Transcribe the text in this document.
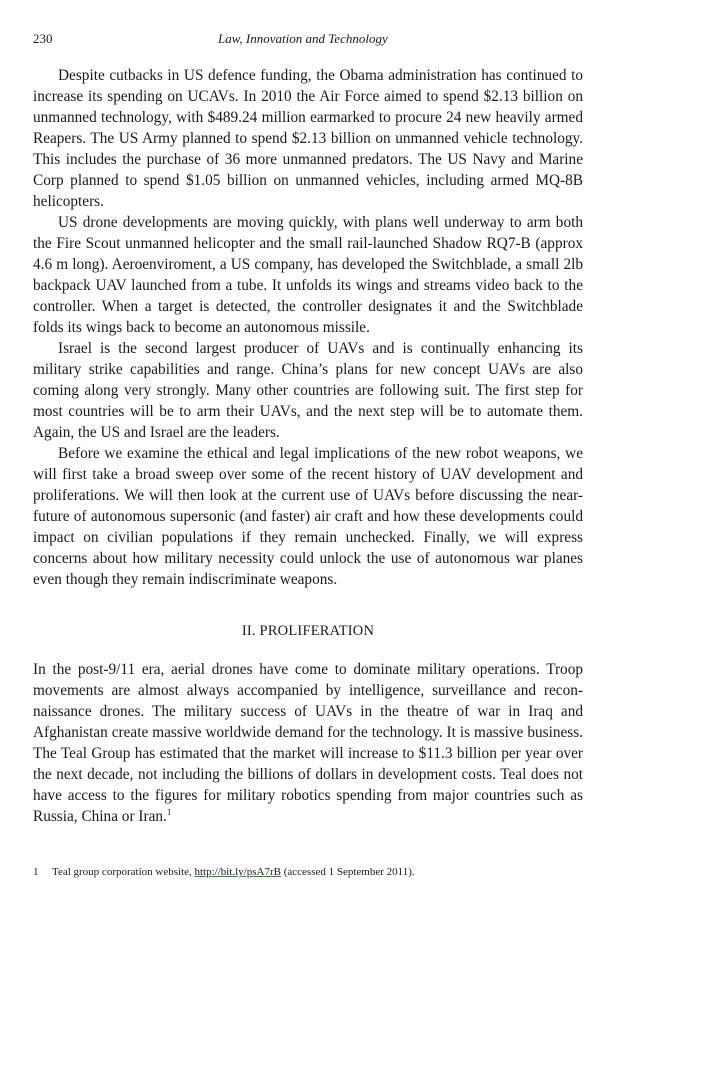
230	Law, Innovation and Technology

Despite cutbacks in US defence funding, the Obama administration has continued to increase its spending on UCAVs. In 2010 the Air Force aimed to spend $2.13 billion on unmanned technology, with $489.24 million earmarked to procure 24 new heavily armed Reapers. The US Army planned to spend $2.13 billion on unmanned vehicle technology. This includes the purchase of 36 more unmanned predators. The US Navy and Marine Corp planned to spend $1.05 billion on unmanned vehicles, including armed MQ-8B helicopters.

US drone developments are moving quickly, with plans well underway to arm both the Fire Scout unmanned helicopter and the small rail-launched Shadow RQ7-B (approx 4.6 m long). Aeroenviroment, a US company, has developed the Switchblade, a small 2lb backpack UAV launched from a tube. It unfolds its wings and streams video back to the controller. When a target is detected, the controller designates it and the Switchblade folds its wings back to become an autonomous missile.

Israel is the second largest producer of UAVs and is continually enhancing its military strike capabilities and range. China’s plans for new concept UAVs are also coming along very strongly. Many other countries are following suit. The first step for most countries will be to arm their UAVs, and the next step will be to automate them. Again, the US and Israel are the leaders.

Before we examine the ethical and legal implications of the new robot weapons, we will first take a broad sweep over some of the recent history of UAV development and proliferations. We will then look at the current use of UAVs before discussing the near-future of autonomous supersonic (and faster) air craft and how these developments could impact on civilian populations if they remain unchecked. Finally, we will express concerns about how military necessity could unlock the use of autonomous war planes even though they remain indiscriminate weapons.

II. PROLIFERATION

In the post-9/11 era, aerial drones have come to dominate military operations. Troop movements are almost always accompanied by intelligence, surveillance and reconnaissance drones. The military success of UAVs in the theatre of war in Iraq and Afghanistan create massive worldwide demand for the technology. It is massive business. The Teal Group has estimated that the market will increase to $11.3 billion per year over the next decade, not including the billions of dollars in development costs. Teal does not have access to the figures for military robotics spending from major countries such as Russia, China or Iran.$^1$

1 Teal group corporation website, http://bit.ly/psA7rB (accessed 1 September 2011).
